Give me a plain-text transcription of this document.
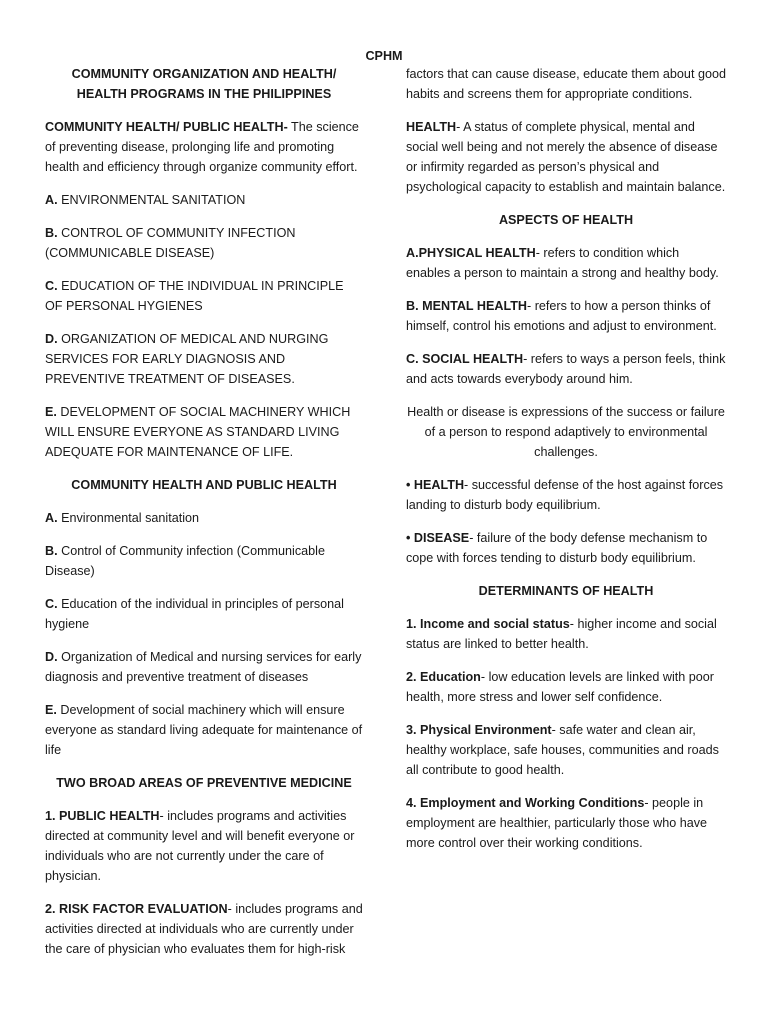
CPHM
COMMUNITY ORGANIZATION AND HEALTH/ HEALTH PROGRAMS IN THE PHILIPPINES

COMMUNITY HEALTH/ PUBLIC HEALTH- The science of preventing disease, prolonging life and promoting health and efficiency through organize community effort.

A. ENVIRONMENTAL SANITATION

B. CONTROL OF COMMUNITY INFECTION (COMMUNICABLE DISEASE)

C. EDUCATION OF THE INDIVIDUAL IN PRINCIPLE OF PERSONAL HYGIENES

D. ORGANIZATION OF MEDICAL AND NURGING SERVICES FOR EARLY DIAGNOSIS AND PREVENTIVE TREATMENT OF DISEASES.

E. DEVELOPMENT OF SOCIAL MACHINERY WHICH WILL ENSURE EVERYONE AS STANDARD LIVING ADEQUATE FOR MAINTENANCE OF LIFE.

COMMUNITY HEALTH AND PUBLIC HEALTH

A. Environmental sanitation

B. Control of Community infection (Communicable Disease)

C. Education of the individual in principles of personal hygiene

D. Organization of Medical and nursing services for early diagnosis and preventive treatment of diseases

E. Development of social machinery which will ensure everyone as standard living adequate for maintenance of life

TWO BROAD AREAS OF PREVENTIVE MEDICINE

1. PUBLIC HEALTH- includes programs and activities directed at community level and will benefit everyone or individuals who are not currently under the care of physician.

2. RISK FACTOR EVALUATION- includes programs and activities directed at individuals who are currently under the care of physician who evaluates them for high-risk

factors that can cause disease, educate them about good habits and screens them for appropriate conditions.

HEALTH- A status of complete physical, mental and social well being and not merely the absence of disease or infirmity regarded as person’s physical and psychological capacity to establish and maintain balance.

ASPECTS OF HEALTH

A.PHYSICAL HEALTH- refers to condition which enables a person to maintain a strong and healthy body.

B. MENTAL HEALTH- refers to how a person thinks of himself, control his emotions and adjust to environment.

C. SOCIAL HEALTH- refers to ways a person feels, think and acts towards everybody around him.

Health or disease is expressions of the success or failure of a person to respond adaptively to environmental challenges.

• HEALTH- successful defense of the host against forces landing to disturb body equilibrium.

• DISEASE- failure of the body defense mechanism to cope with forces tending to disturb body equilibrium.

DETERMINANTS OF HEALTH

1. Income and social status- higher income and social status are linked to better health.

2. Education- low education levels are linked with poor health, more stress and lower self confidence.

3. Physical Environment- safe water and clean air, healthy workplace, safe houses, communities and roads all contribute to good health.

4. Employment and Working Conditions- people in employment are healthier, particularly those who have more control over their working conditions.
